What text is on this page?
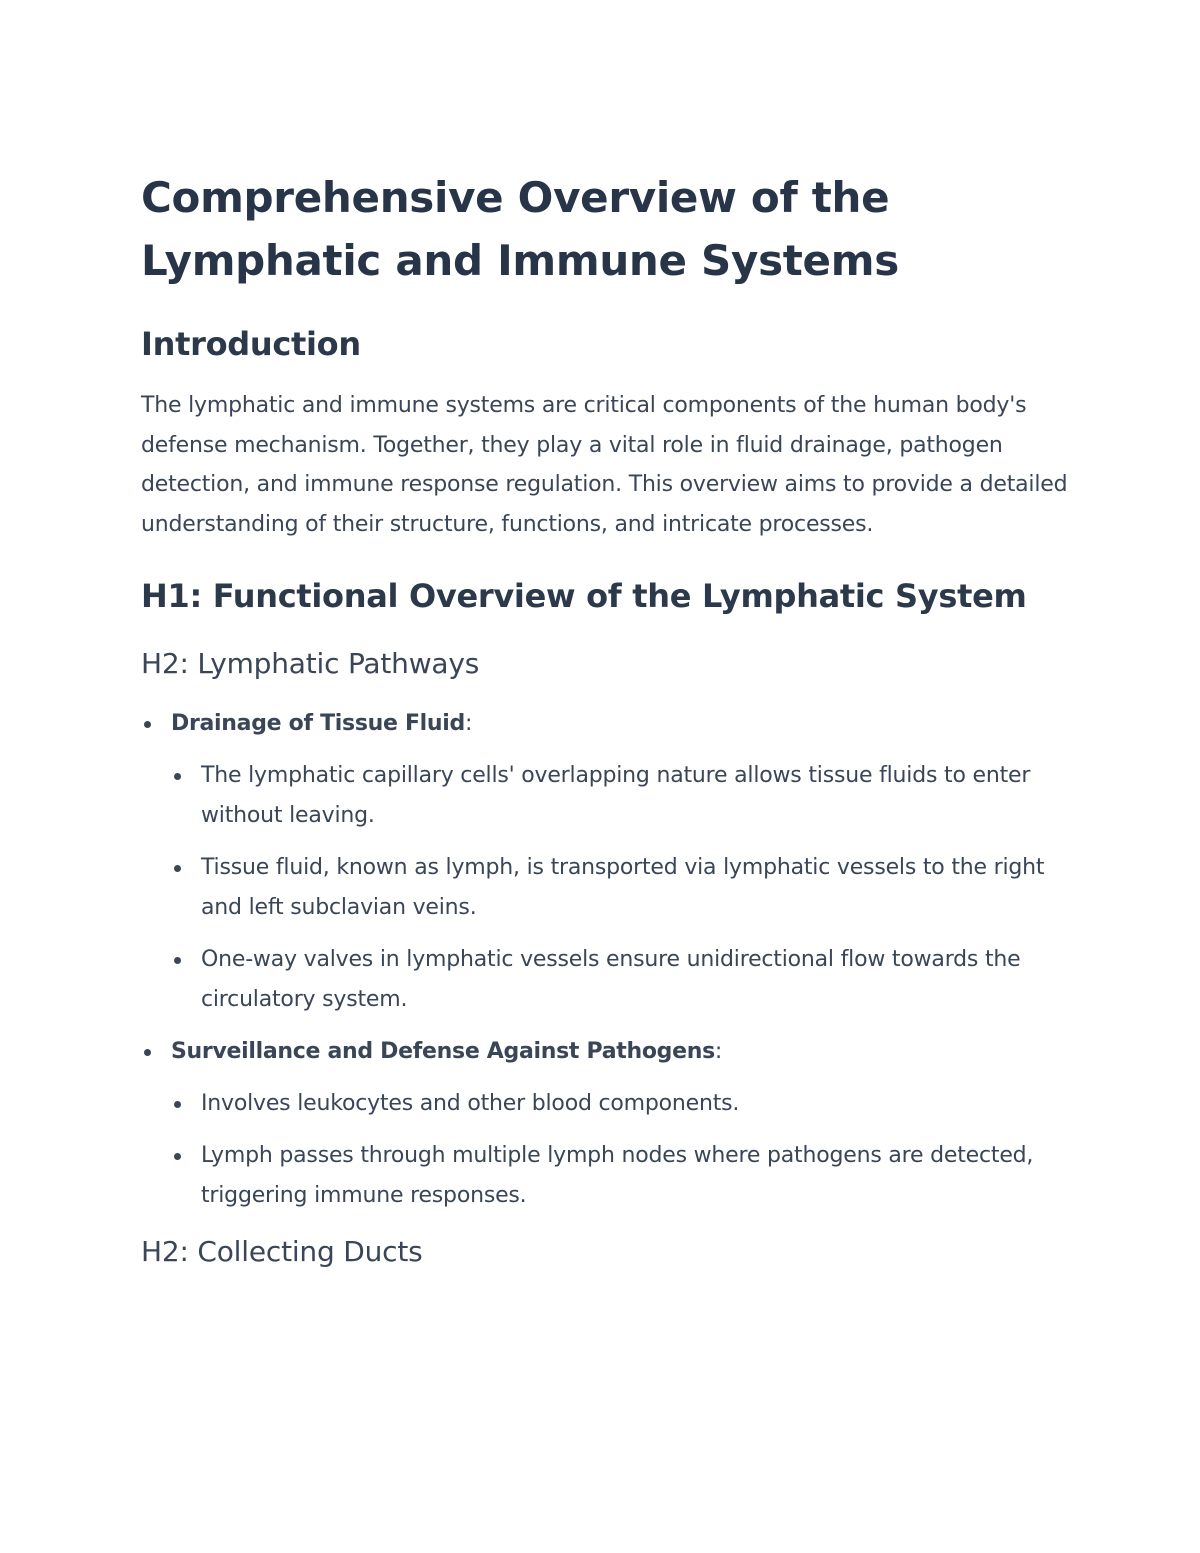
Comprehensive Overview of the Lymphatic and Immune Systems
Introduction

The lymphatic and immune systems are critical components of the human body's defense mechanism. Together, they play a vital role in fluid drainage, pathogen detection, and immune response regulation. This overview aims to provide a detailed understanding of their structure, functions, and intricate processes.

H1: Functional Overview of the Lymphatic System
H2: Lymphatic Pathways
Drainage of Tissue Fluid:
The lymphatic capillary cells' overlapping nature allows tissue fluids to enter without leaving.
Tissue fluid, known as lymph, is transported via lymphatic vessels to the right and left subclavian veins.
One-way valves in lymphatic vessels ensure unidirectional flow towards the circulatory system.
Surveillance and Defense Against Pathogens:
Involves leukocytes and other blood components.
Lymph passes through multiple lymph nodes where pathogens are detected, triggering immune responses.
H2: Collecting Ducts
